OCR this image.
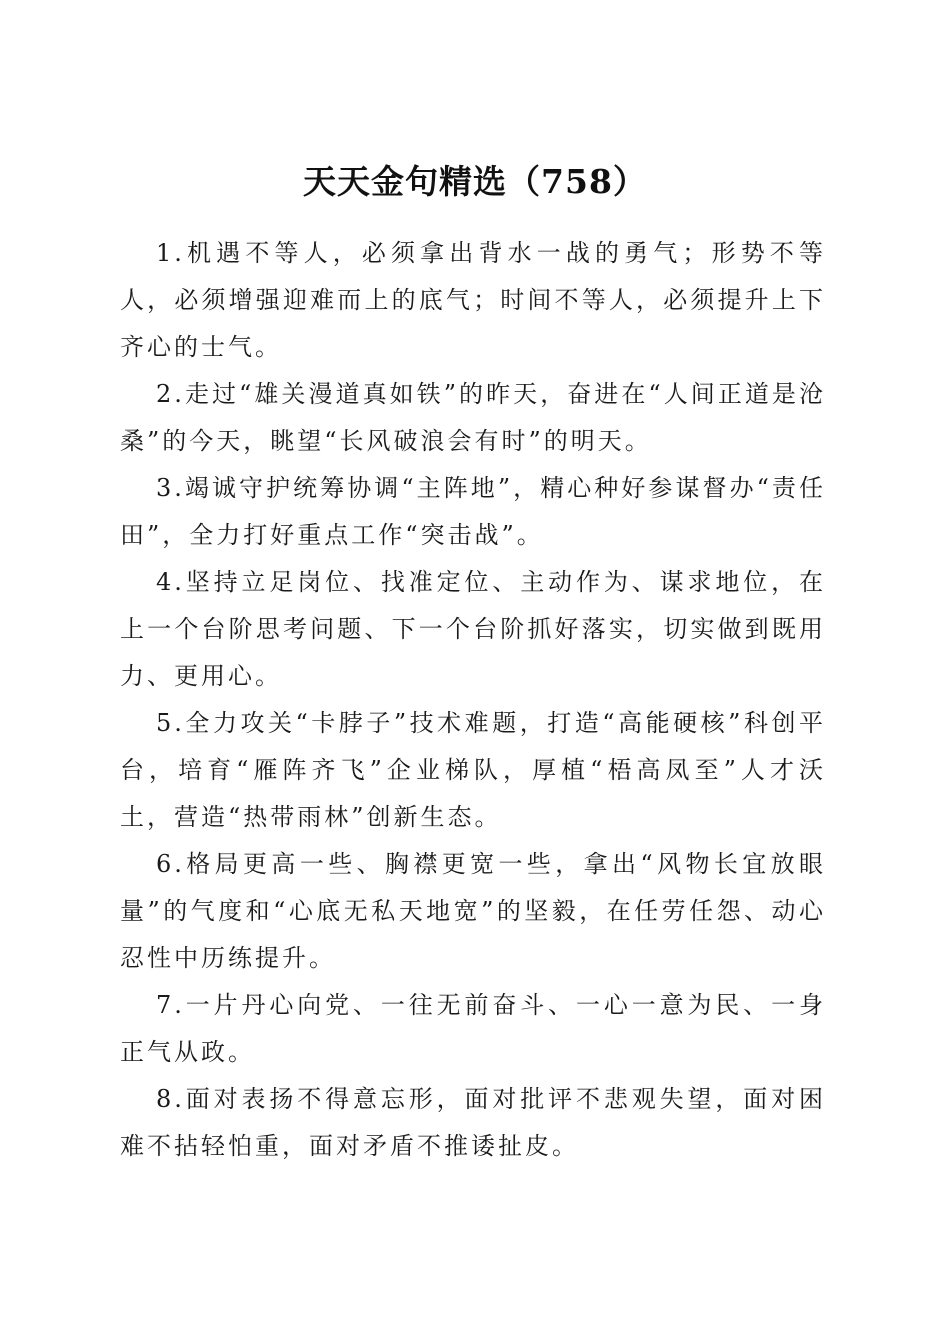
天天金句精选（758）

1.机遇不等人，必须拿出背水一战的勇气；形势不等人，必须增强迎难而上的底气；时间不等人，必须提升上下齐心的士气。

2.走过“雄关漫道真如铁”的昨天，奋进在“人间正道是沧桑”的今天，眺望“长风破浪会有时”的明天。

3.竭诚守护统筹协调“主阵地”，精心种好参谋督办“责任田”，全力打好重点工作“突击战”。

4.坚持立足岗位、找准定位、主动作为、谋求地位，在上一个台阶思考问题、下一个台阶抓好落实，切实做到既用力、更用心。

5.全力攻关“卡脖子”技术难题，打造“高能硬核”科创平台，培育“雁阵齐飞”企业梯队，厚植“梧高凤至”人才沃土，营造“热带雨林”创新生态。

6.格局更高一些、胸襟更宽一些，拿出“风物长宜放眼量”的气度和“心底无私天地宽”的坚毅，在任劳任怨、动心忍性中历练提升。

7.一片丹心向党、一往无前奋斗、一心一意为民、一身正气从政。

8.面对表扬不得意忘形，面对批评不悲观失望，面对困难不拈轻怕重，面对矛盾不推诿扯皮。
